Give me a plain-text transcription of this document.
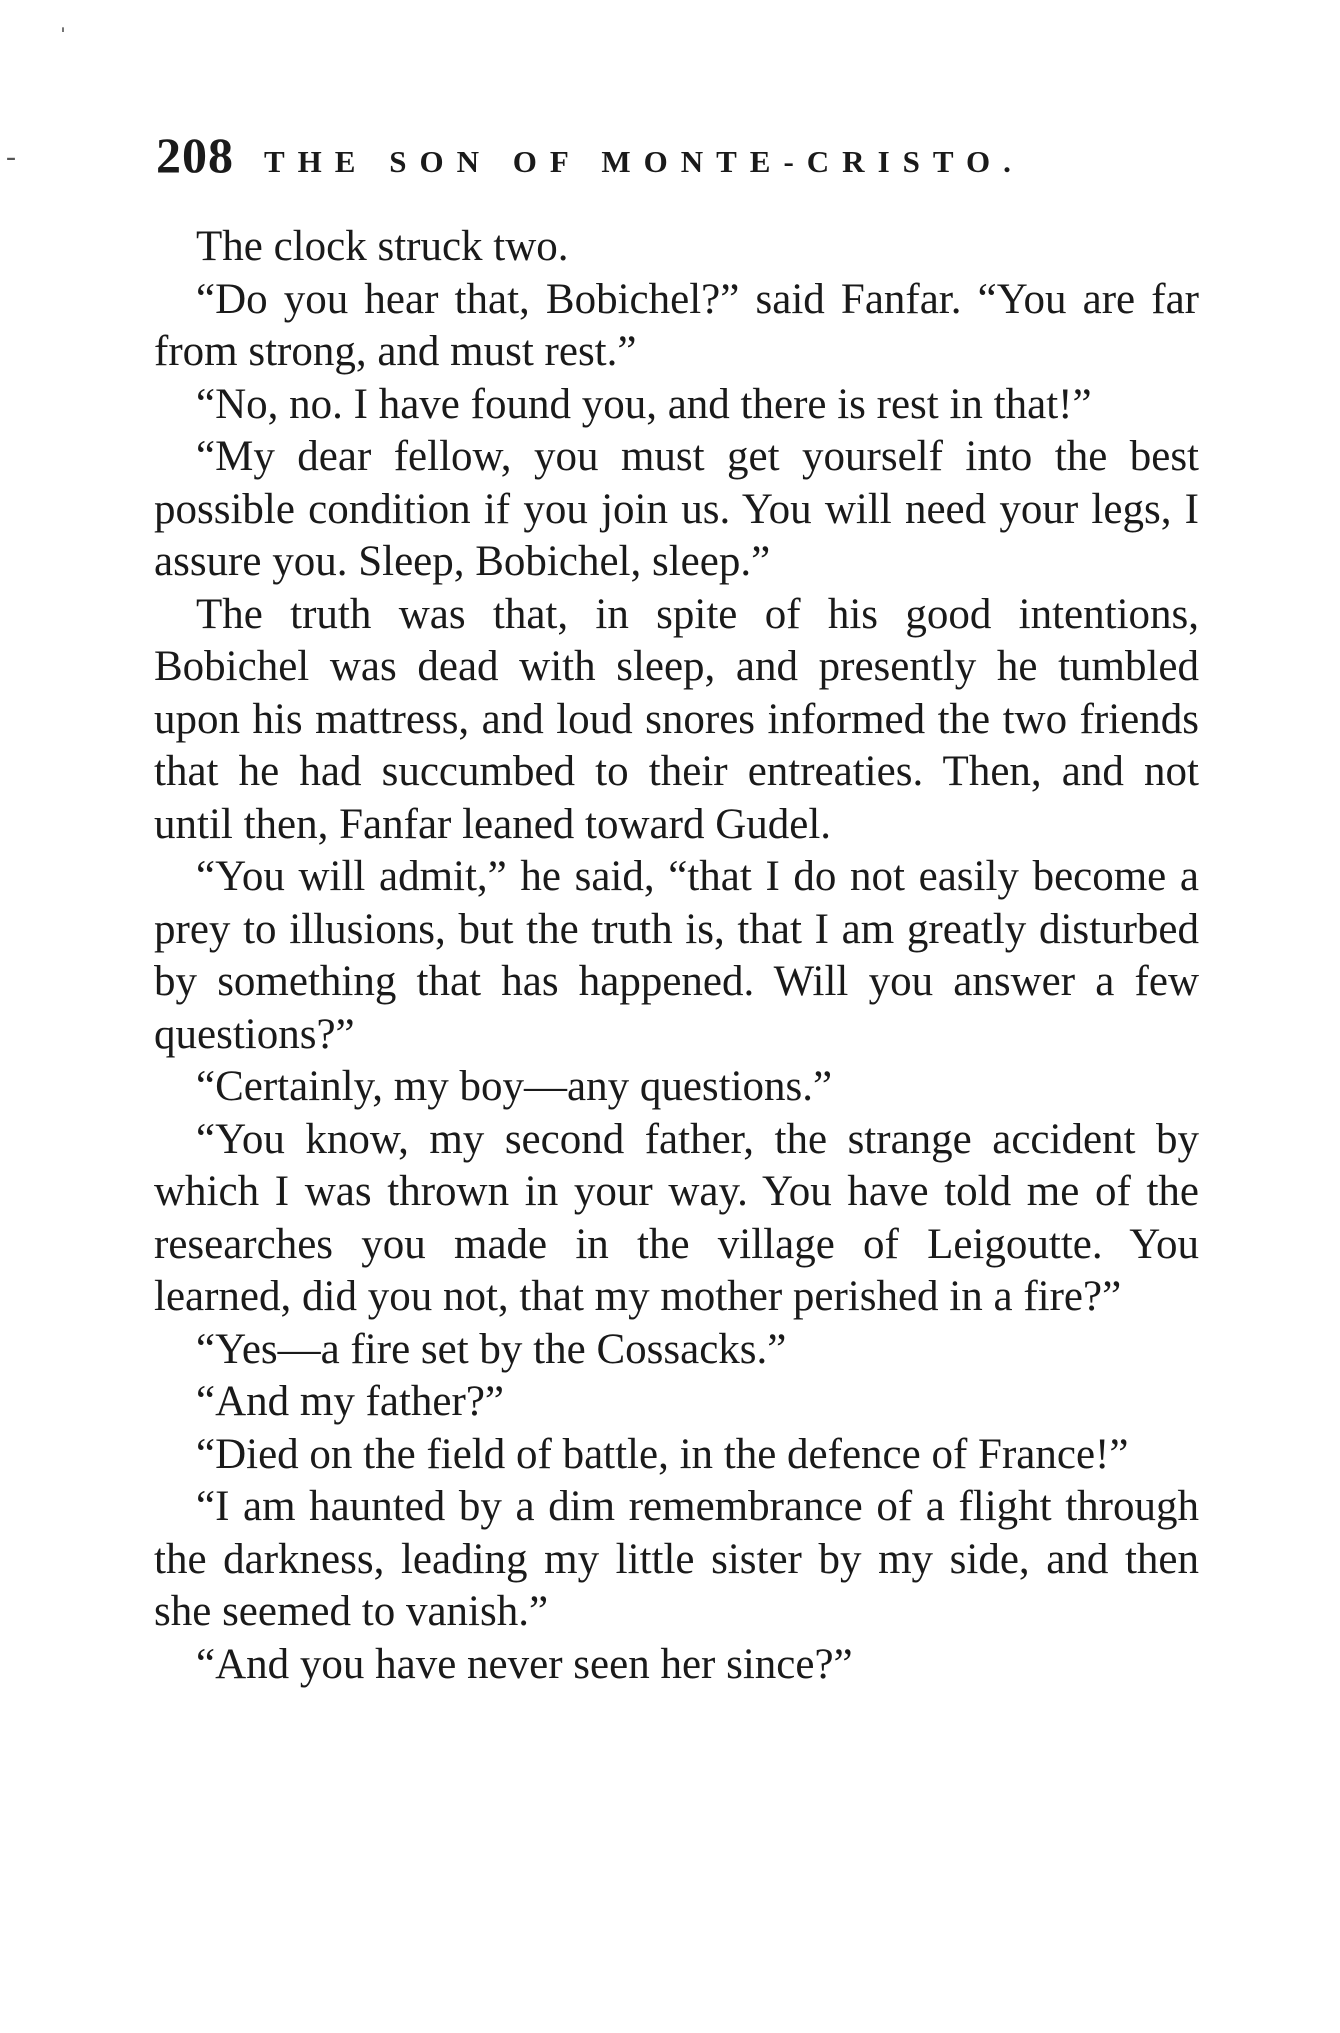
ˈ
-	208 THE SON OF MONTE-CRISTO.

The clock struck two.

“Do you hear that, Bobichel?” said Fanfar. “You are far from strong, and must rest.”

“No, no. I have found you, and there is rest in that!”

“My dear fellow, you must get yourself into the best possible condition if you join us. You will need your legs, I assure you. Sleep, Bobichel, sleep.”

The truth was that, in spite of his good intentions, Bobichel was dead with sleep, and presently he tumbled upon his mattress, and loud snores informed the two friends that he had succumbed to their entreaties. Then, and not until then, Fanfar leaned toward Gudel.

“You will admit,” he said, “that I do not easily become a prey to illusions, but the truth is, that I am greatly disturbed by something that has happened. Will you answer a few questions?”

“Certainly, my boy—any questions.”

“You know, my second father, the strange accident by which I was thrown in your way. You have told me of the researches you made in the village of Leigoutte. You learned, did you not, that my mother perished in a fire?”

“Yes—a fire set by the Cossacks.”

“And my father?”

“Died on the field of battle, in the defence of France!”

“I am haunted by a dim remembrance of a flight through the darkness, leading my little sister by my side, and then she seemed to vanish.”

“And you have never seen her since?”
